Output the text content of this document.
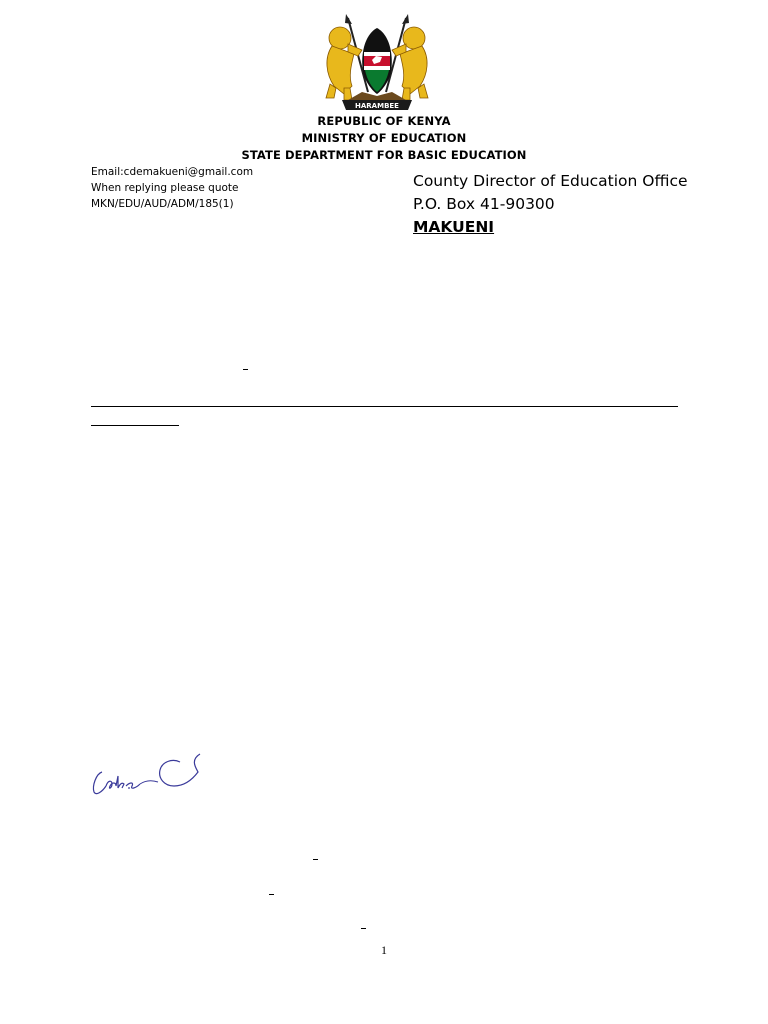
HARAMBEE
REPUBLIC OF KENYA
MINISTRY OF EDUCATION
STATE DEPARTMENT FOR BASIC EDUCATION
Email:cdemakueni@gmail.com
When replying please quote
MKN/EDU/AUD/ADM/185(1)
County Director of Education Office
P.O. Box 41-90300
MAKUENI
1
